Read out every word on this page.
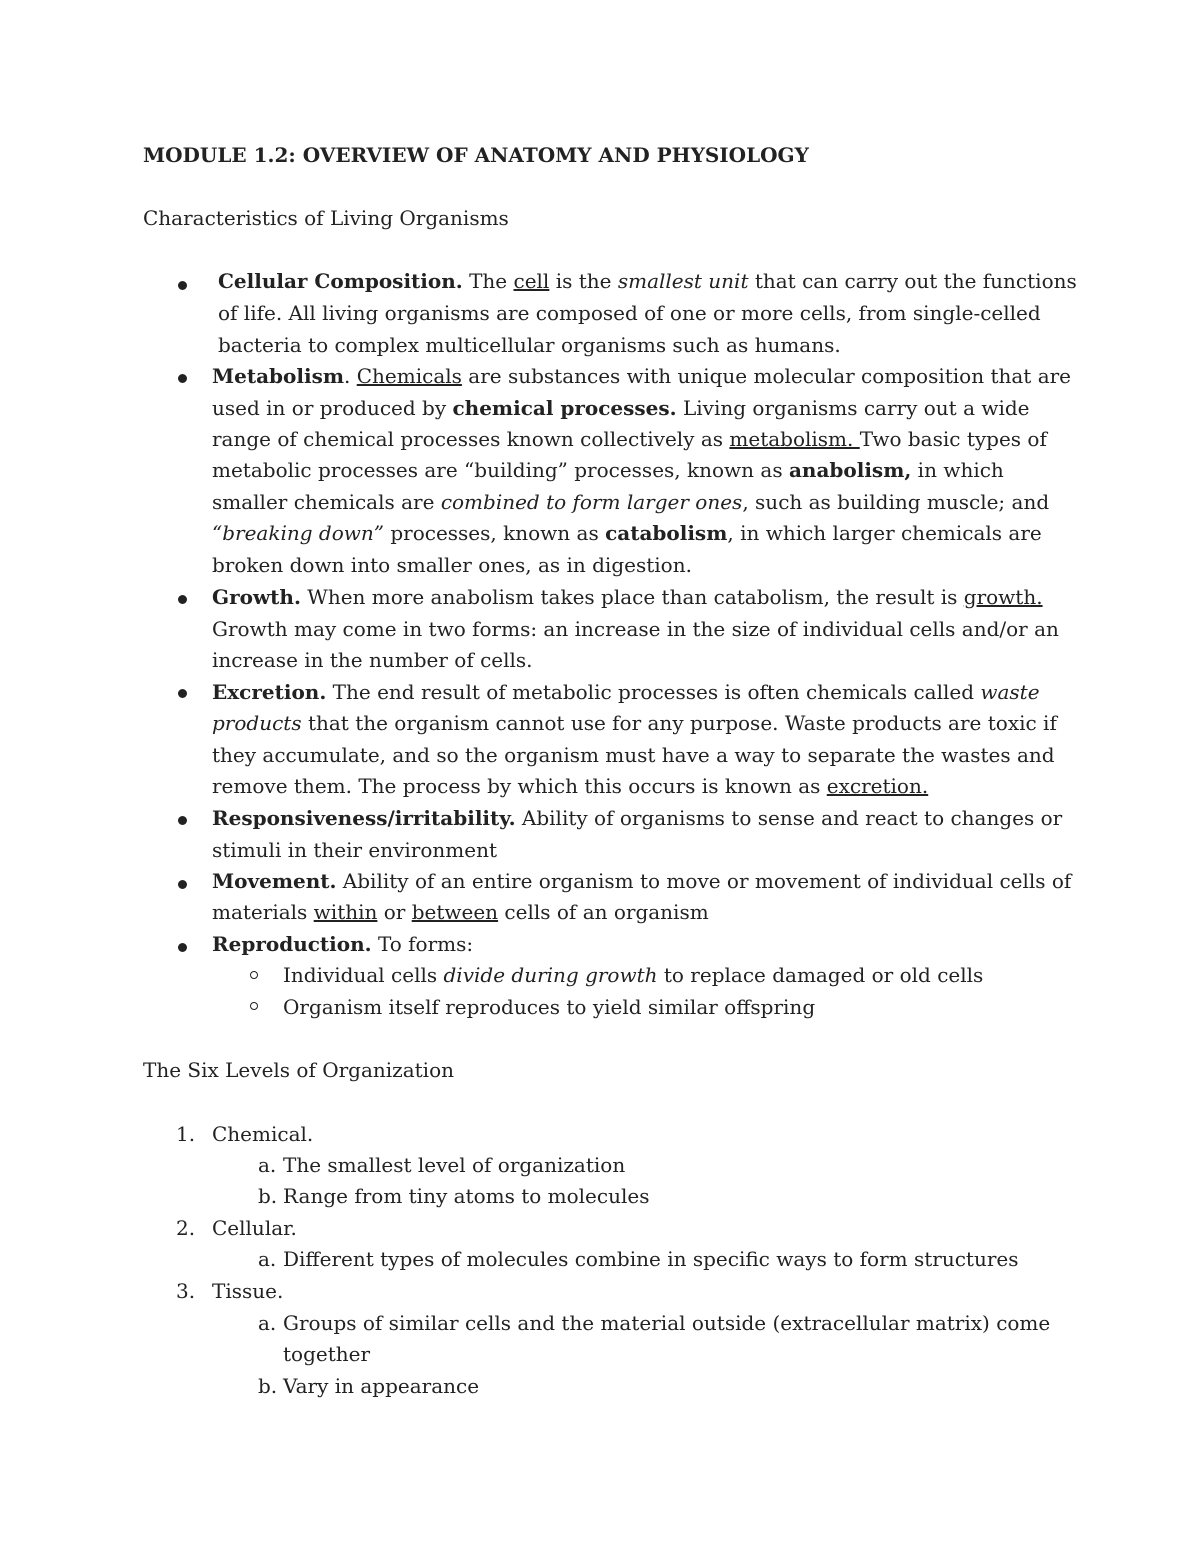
MODULE 1.2: OVERVIEW OF ANATOMY AND PHYSIOLOGY
Characteristics of Living Organisms
Cellular Composition. The cell is the smallest unit that can carry out the functions
of life. All living organisms are composed of one or more cells, from single-celled
bacteria to complex multicellular organisms such as humans.
Metabolism. Chemicals are substances with unique molecular composition that are
used in or produced by chemical processes. Living organisms carry out a wide
range of chemical processes known collectively as metabolism. Two basic types of
metabolic processes are “building” processes, known as anabolism, in which
smaller chemicals are combined to form larger ones, such as building muscle; and
“breaking down” processes, known as catabolism, in which larger chemicals are
broken down into smaller ones, as in digestion.
Growth. When more anabolism takes place than catabolism, the result is growth.
Growth may come in two forms: an increase in the size of individual cells and/or an
increase in the number of cells.
Excretion. The end result of metabolic processes is often chemicals called waste
products that the organism cannot use for any purpose. Waste products are toxic if
they accumulate, and so the organism must have a way to separate the wastes and
remove them. The process by which this occurs is known as excretion.
Responsiveness/irritability. Ability of organisms to sense and react to changes or
stimuli in their environment
Movement. Ability of an entire organism to move or movement of individual cells of
materials within or between cells of an organism
Reproduction. To forms:
Individual cells divide during growth to replace damaged or old cells
Organism itself reproduces to yield similar offspring
The Six Levels of Organization
1. Chemical.
a. The smallest level of organization
b. Range from tiny atoms to molecules
2. Cellular.
a. Different types of molecules combine in specific ways to form structures
3. Tissue.
a. Groups of similar cells and the material outside (extracellular matrix) come
together
b. Vary in appearance
